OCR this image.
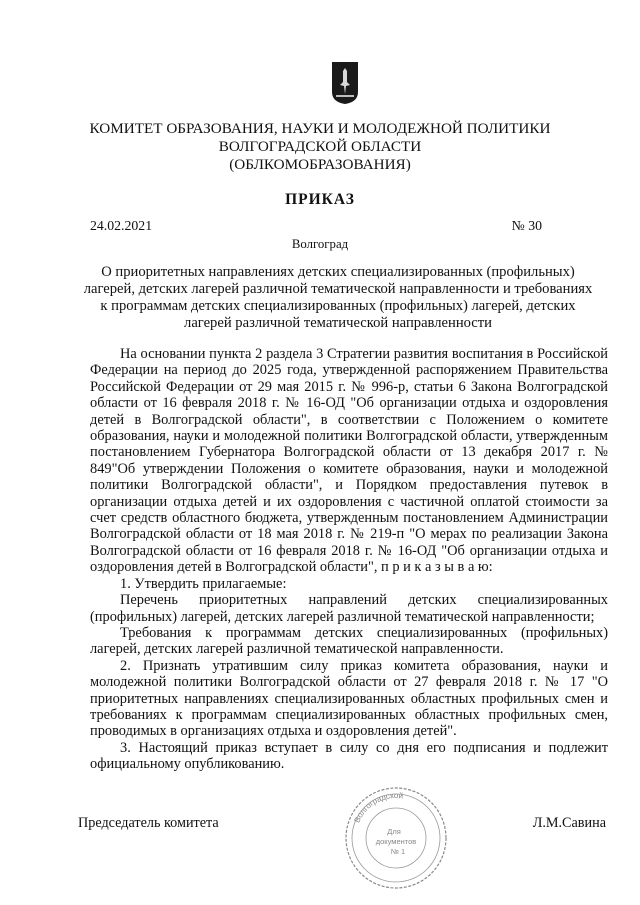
КОМИТЕТ ОБРАЗОВАНИЯ, НАУКИ И МОЛОДЕЖНОЙ ПОЛИТИКИ
ВОЛГОГРАДСКОЙ ОБЛАСТИ
(ОБЛКОМОБРАЗОВАНИЯ)
ПРИКАЗ
24.02.2021	№ 30
Волгоград
О приоритетных направлениях детских специализированных (профильных)
лагерей, детских лагерей различной тематической направленности и требованиях
к программам детских специализированных (профильных) лагерей, детских
лагерей различной тематической направленности

На основании пункта 2 раздела 3 Стратегии развития воспитания в Российской Федерации на период до 2025 года, утвержденной распоряжением Правительства Российской Федерации от 29 мая 2015 г. № 996-р, статьи 6 Закона Волгоградской области от 16 февраля 2018 г. № 16-ОД "Об организации отдыха и оздоровления детей в Волгоградской области", в соответствии с Положением о комитете образования, науки и молодежной политики Волгоградской области, утвержденным постановлением Губернатора Волгоградской области от 13 декабря 2017 г. № 849"Об утверждении Положения о комитете образования, науки и молодежной политики Волгоградской области", и Порядком предоставления путевок в организации отдыха детей и их оздоровления с частичной оплатой стоимости за счет средств областного бюджета, утвержденным постановлением Администрации Волгоградской области от 18 мая 2018 г. № 219-п "О мерах по реализации Закона Волгоградской области от 16 февраля 2018 г. № 16-ОД "Об организации отдыха и оздоровления детей в Волгоградской области", п р и к а з ы в а ю:

1. Утвердить прилагаемые:

Перечень приоритетных направлений детских специализированных (профильных) лагерей, детских лагерей различной тематической направленности;

Требования к программам детских специализированных (профильных) лагерей, детских лагерей различной тематической направленности.

2. Признать утратившим силу приказ комитета образования, науки и молодежной политики Волгоградской области от 27 февраля 2018 г. № 17 "О приоритетных направлениях специализированных областных профильных смен и требованиях к программам специализированных областных профильных смен, проводимых в организациях отдыха и оздоровления детей".

3. Настоящий приказ вступает в силу со дня его подписания и подлежит официальному опубликованию.

Председатель комитета	Л.М.Савина
Волгоградской
Для
документов
№ 1
